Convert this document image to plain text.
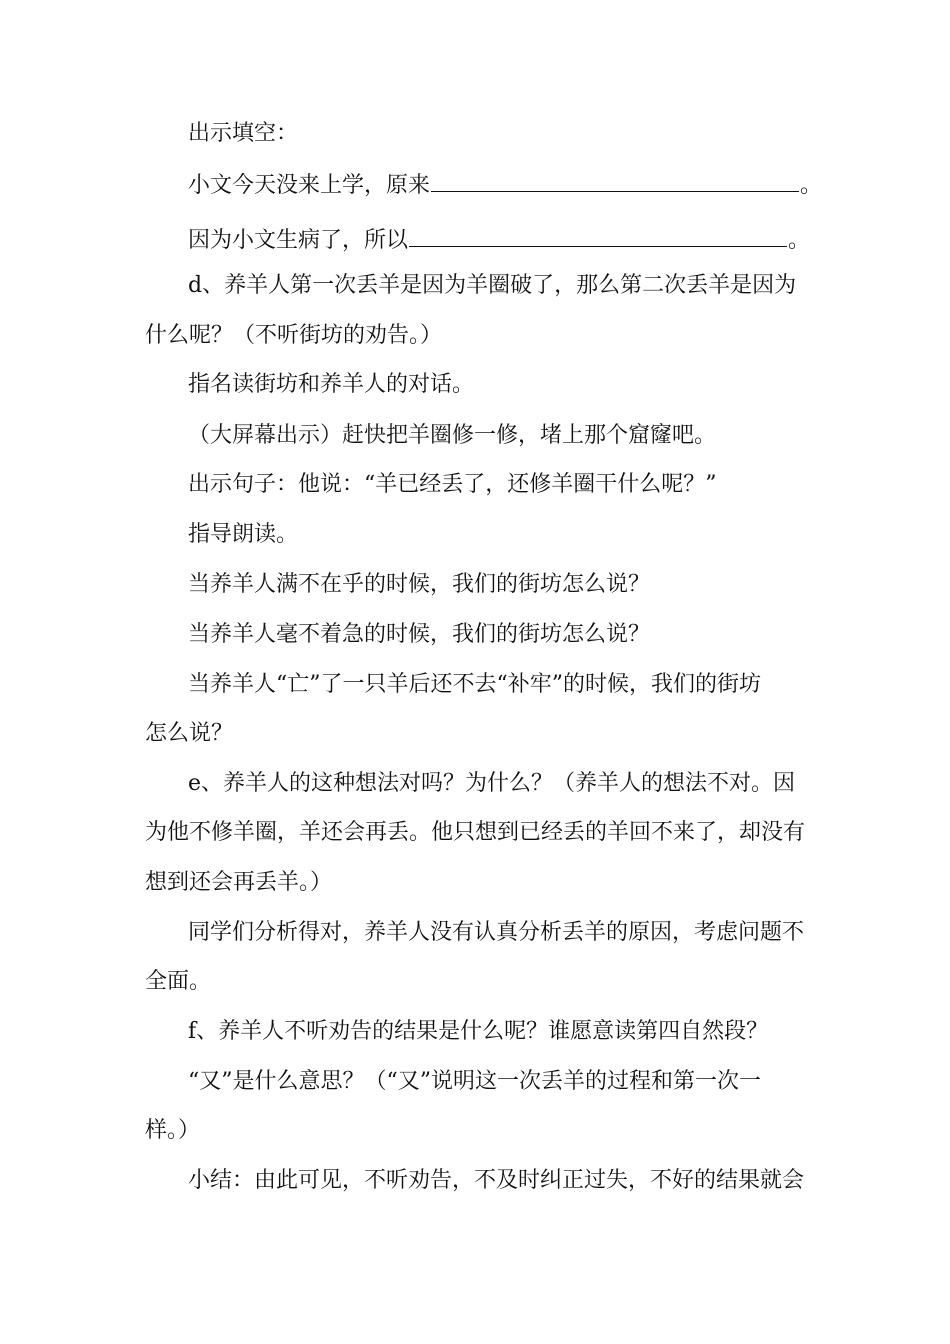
出示填空：
小文今天没来上学，原来	。
因为小文生病了，所以	。
d、养羊人第一次丢羊是因为羊圈破了，那么第二次丢羊是因为
什么呢？（不听街坊的劝告。）
指名读街坊和养羊人的对话。
（大屏幕出示）赶快把羊圈修一修，堵上那个窟窿吧。
出示句子：他说：“羊已经丢了，还修羊圈干什么呢？”
指导朗读。
当养羊人满不在乎的时候，我们的街坊怎么说？
当养羊人毫不着急的时候，我们的街坊怎么说？
当养羊人“亡”了一只羊后还不去“补牢”的时候，我们的街坊
怎么说？
e、养羊人的这种想法对吗？为什么？（养羊人的想法不对。因
为他不修羊圈，羊还会再丢。他只想到已经丢的羊回不来了，却没有
想到还会再丢羊。）
同学们分析得对，养羊人没有认真分析丢羊的原因，考虑问题不
全面。
f、养羊人不听劝告的结果是什么呢？谁愿意读第四自然段？
“又”是什么意思？（“又”说明这一次丢羊的过程和第一次一
样。）
小结：由此可见，不听劝告，不及时纠正过失，不好的结果就会
